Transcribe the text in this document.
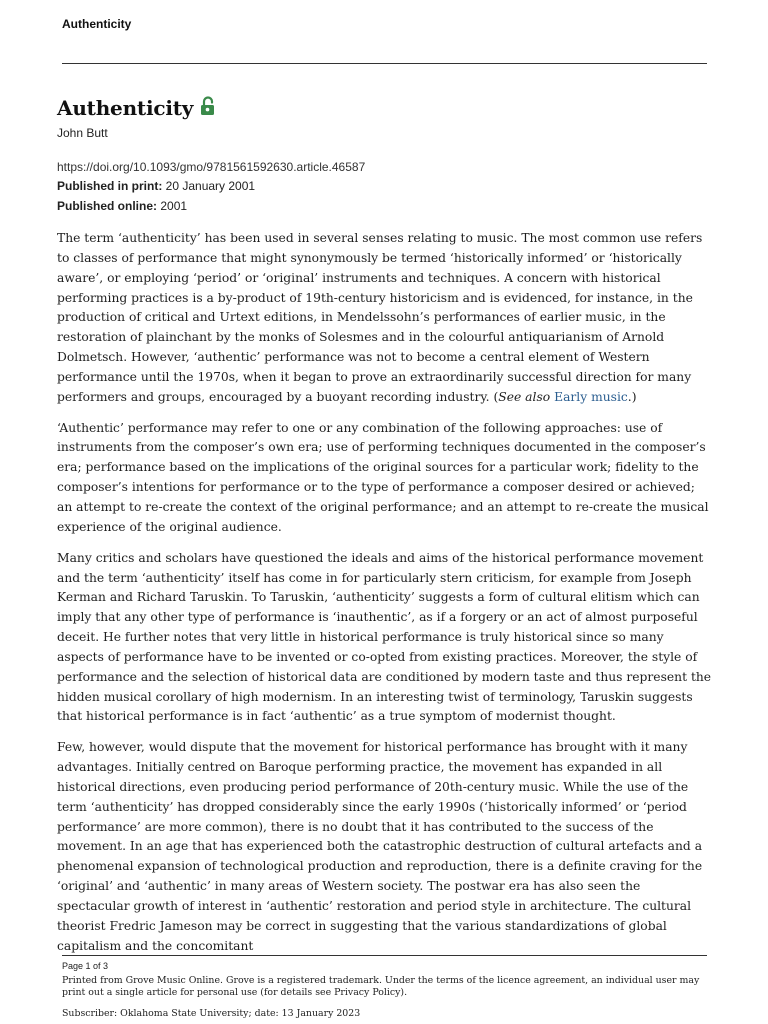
Authenticity
Authenticity
John Butt
https://doi.org/10.1093/gmo/9781561592630.article.46587
Published in print: 20 January 2001
Published online: 2001

The term ‘authenticity’ has been used in several senses relating to music. The most common use refers to classes of performance that might synonymously be termed ‘historically informed’ or ‘historically aware’, or employing ‘period’ or ‘original’ instruments and techniques. A concern with historical performing practices is a by-product of 19th-century historicism and is evidenced, for instance, in the production of critical and Urtext editions, in Mendelssohn’s performances of earlier music, in the restoration of plainchant by the monks of Solesmes and in the colourful antiquarianism of Arnold Dolmetsch. However, ‘authentic’ performance was not to become a central element of Western performance until the 1970s, when it began to prove an extraordinarily successful direction for many performers and groups, encouraged by a buoyant recording industry. (See also Early music.)

‘Authentic’ performance may refer to one or any combination of the following approaches: use of instruments from the composer’s own era; use of performing techniques documented in the composer’s era; performance based on the implications of the original sources for a particular work; fidelity to the composer’s intentions for performance or to the type of performance a composer desired or achieved; an attempt to re-create the context of the original performance; and an attempt to re-create the musical experience of the original audience.

Many critics and scholars have questioned the ideals and aims of the historical performance movement and the term ‘authenticity’ itself has come in for particularly stern criticism, for example from Joseph Kerman and Richard Taruskin. To Taruskin, ‘authenticity’ suggests a form of cultural elitism which can imply that any other type of performance is ‘inauthentic’, as if a forgery or an act of almost purposeful deceit. He further notes that very little in historical performance is truly historical since so many aspects of performance have to be invented or co-opted from existing practices. Moreover, the style of performance and the selection of historical data are conditioned by modern taste and thus represent the hidden musical corollary of high modernism. In an interesting twist of terminology, Taruskin suggests that historical performance is in fact ‘authentic’ as a true symptom of modernist thought.

Few, however, would dispute that the movement for historical performance has brought with it many advantages. Initially centred on Baroque performing practice, the movement has expanded in all historical directions, even producing period performance of 20th-century music. While the use of the term ‘authenticity’ has dropped considerably since the early 1990s (‘historically informed’ or ‘period performance’ are more common), there is no doubt that it has contributed to the success of the movement. In an age that has experienced both the catastrophic destruction of cultural artefacts and a phenomenal expansion of technological production and reproduction, there is a definite craving for the ‘original’ and ‘authentic’ in many areas of Western society. The postwar era has also seen the spectacular growth of interest in ‘authentic’ restoration and period style in architecture. The cultural theorist Fredric Jameson may be correct in suggesting that the various standardizations of global capitalism and the concomitant

Page 1 of 3
Printed from Grove Music Online. Grove is a registered trademark. Under the terms of the licence agreement, an individual user may print out a single article for personal use (for details see Privacy Policy).
Subscriber: Oklahoma State University; date: 13 January 2023
